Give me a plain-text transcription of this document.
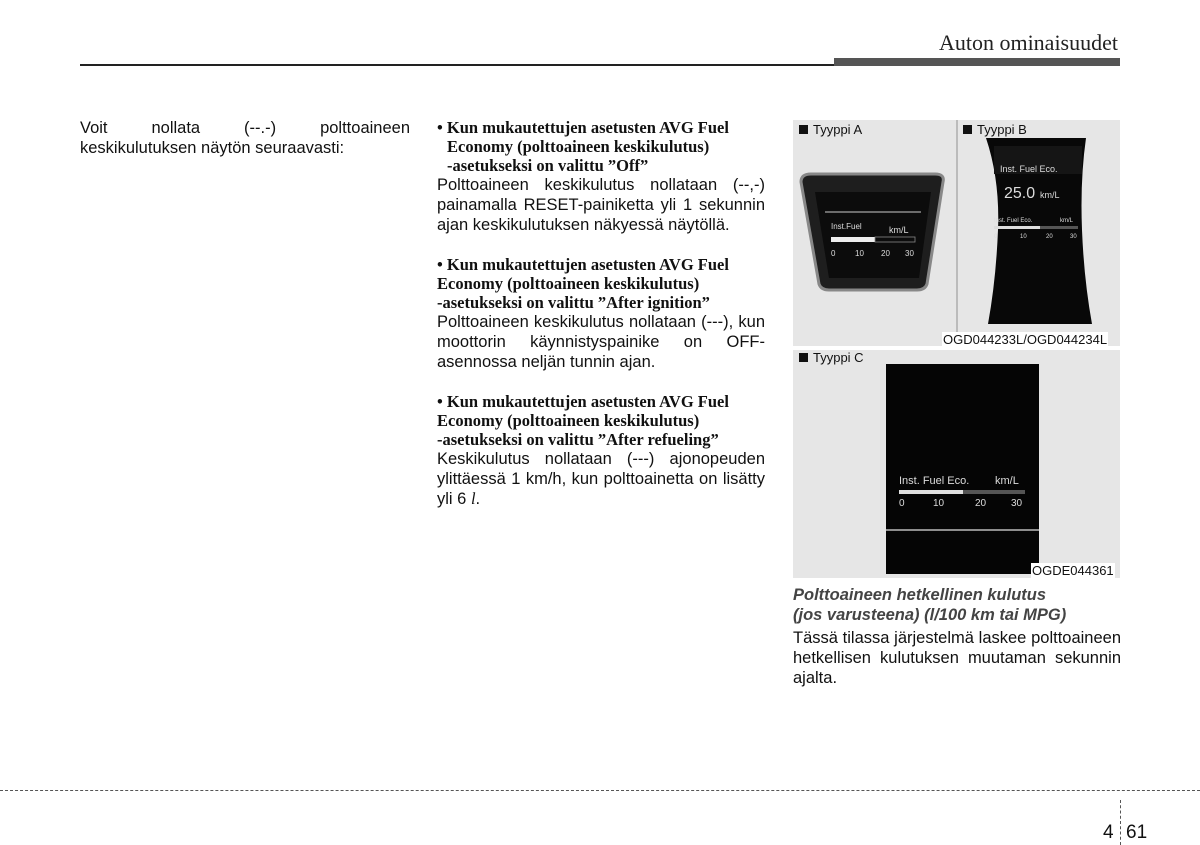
Auton ominaisuudet
Voit nollata (--.-) polttoaineen keskikulutuksen näytön seuraavasti:
• Kun mukautettujen asetusten AVG Fuel
Economy (polttoaineen keskikulutus)
-asetukseksi on valittu ”Off”
Polttoaineen keskikulutus nollataan (--,-) painamalla RESET-painiketta yli 1 sekunnin ajan keskikulutuksen näkyessä näytöllä.
• Kun mukautettujen asetusten AVG Fuel
Economy (polttoaineen keskikulutus)
-asetukseksi on valittu ”After ignition”
Polttoaineen keskikulutus nollataan (---), kun moottorin käynnistyspainike on OFF-asennossa neljän tunnin ajan.
• Kun mukautettujen asetusten AVG Fuel
Economy (polttoaineen keskikulutus)
-asetukseksi on valittu ”After refueling”
Keskikulutus nollataan (---) ajonopeuden ylittäessä 1 km/h, kun polttoainetta on lisätty yli 6 l.
Tyyppi A
Inst.Fuel	km/L
0 10 20 30
Tyyppi B
Inst. Fuel Eco.
25.0 km/L
Inst. Fuel Eco.	km/L
0	10	20	30
OGD044233L/OGD044234L
Tyyppi C
Inst. Fuel Eco. km/L
0	10	20 30
OGDE044361
Polttoaineen hetkellinen kulutus
(jos varusteena) (l/100 km tai MPG)
Tässä tilassa järjestelmä laskee polttoaineen hetkellisen kulutuksen muutaman sekunnin ajalta.
4 61
